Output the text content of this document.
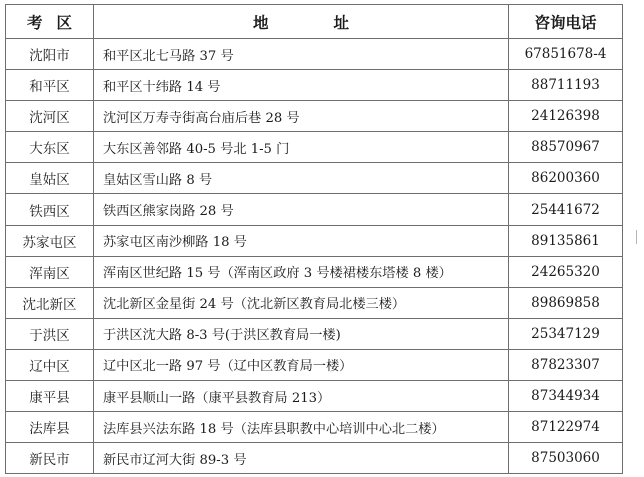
考区	地址	咨询电话
沈阳市	和平区北七马路 37 号	67851678-4
和平区	和平区十纬路 14 号	88711193
沈河区	沈河区万寿寺街高台庙后巷 28 号	24126398
大东区	大东区善邻路 40-5 号北 1-5 门	88570967
皇姑区	皇姑区雪山路 8 号	86200360
铁西区	铁西区熊家岗路 28 号	25441672
苏家屯区	苏家屯区南沙柳路 18 号	89135861
浑南区	浑南区世纪路 15 号（浑南区政府 3 号楼裙楼东塔楼 8 楼）	24265320
沈北新区	沈北新区金星街 24 号（沈北新区教育局北楼三楼）	89869858
于洪区	于洪区沈大路 8-3 号(于洪区教育局一楼)	25347129
辽中区	辽中区北一路 97 号（辽中区教育局一楼）	87823307
康平县	康平县顺山一路（康平县教育局 213）	87344934
法库县	法库县兴法东路 18 号（法库县职教中心培训中心北二楼）	87122974
新民市	新民市辽河大街 89-3 号	87503060
